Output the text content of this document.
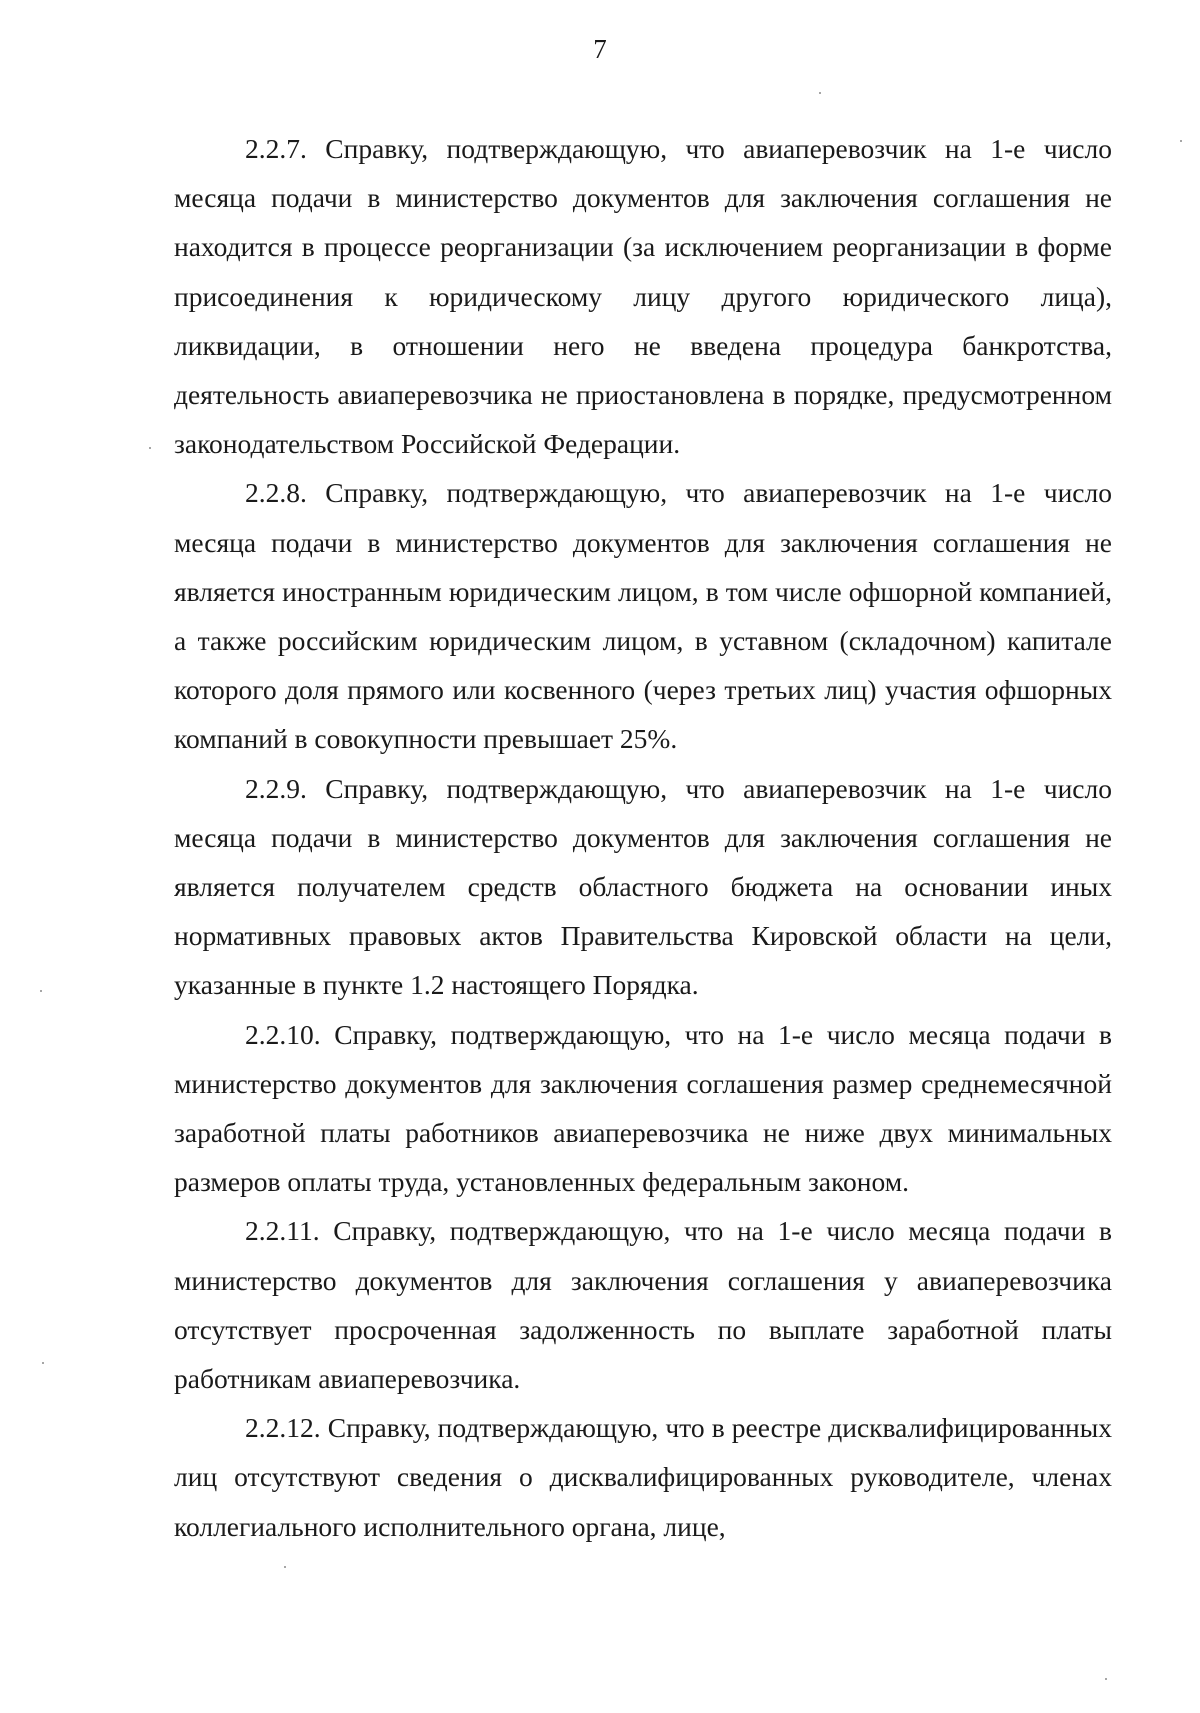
7

2.2.7. Справку, подтверждающую, что авиаперевозчик на 1-е число месяца подачи в министерство документов для заключения соглашения не находится в процессе реорганизации (за исключением реорганизации в форме присоединения к юридическому лицу другого юридического лица), ликвидации, в отношении него не введена процедура банкротства, деятельность авиаперевозчика не приостановлена в порядке, предусмотренном законодательством Российской Федерации.

2.2.8. Справку, подтверждающую, что авиаперевозчик на 1-е число месяца подачи в министерство документов для заключения соглашения не является иностранным юридическим лицом, в том числе офшорной компанией, а также российским юридическим лицом, в уставном (складочном) капитале которого доля прямого или косвенного (через третьих лиц) участия офшорных компаний в совокупности превышает 25%.

2.2.9. Справку, подтверждающую, что авиаперевозчик на 1-е число месяца подачи в министерство документов для заключения соглашения не является получателем средств областного бюджета на основании иных нормативных правовых актов Правительства Кировской области на цели, указанные в пункте 1.2 настоящего Порядка.

2.2.10. Справку, подтверждающую, что на 1-е число месяца подачи в министерство документов для заключения соглашения размер среднемесячной заработной платы работников авиаперевозчика не ниже двух минимальных размеров оплаты труда, установленных федеральным законом.

2.2.11. Справку, подтверждающую, что на 1-е число месяца подачи в министерство документов для заключения соглашения у авиаперевозчика отсутствует просроченная задолженность по выплате заработной платы работникам авиаперевозчика.

2.2.12. Справку, подтверждающую, что в реестре дисквалифицированных лиц отсутствуют сведения о дисквалифицированных руководителе, членах коллегиального исполнительного органа, лице,
